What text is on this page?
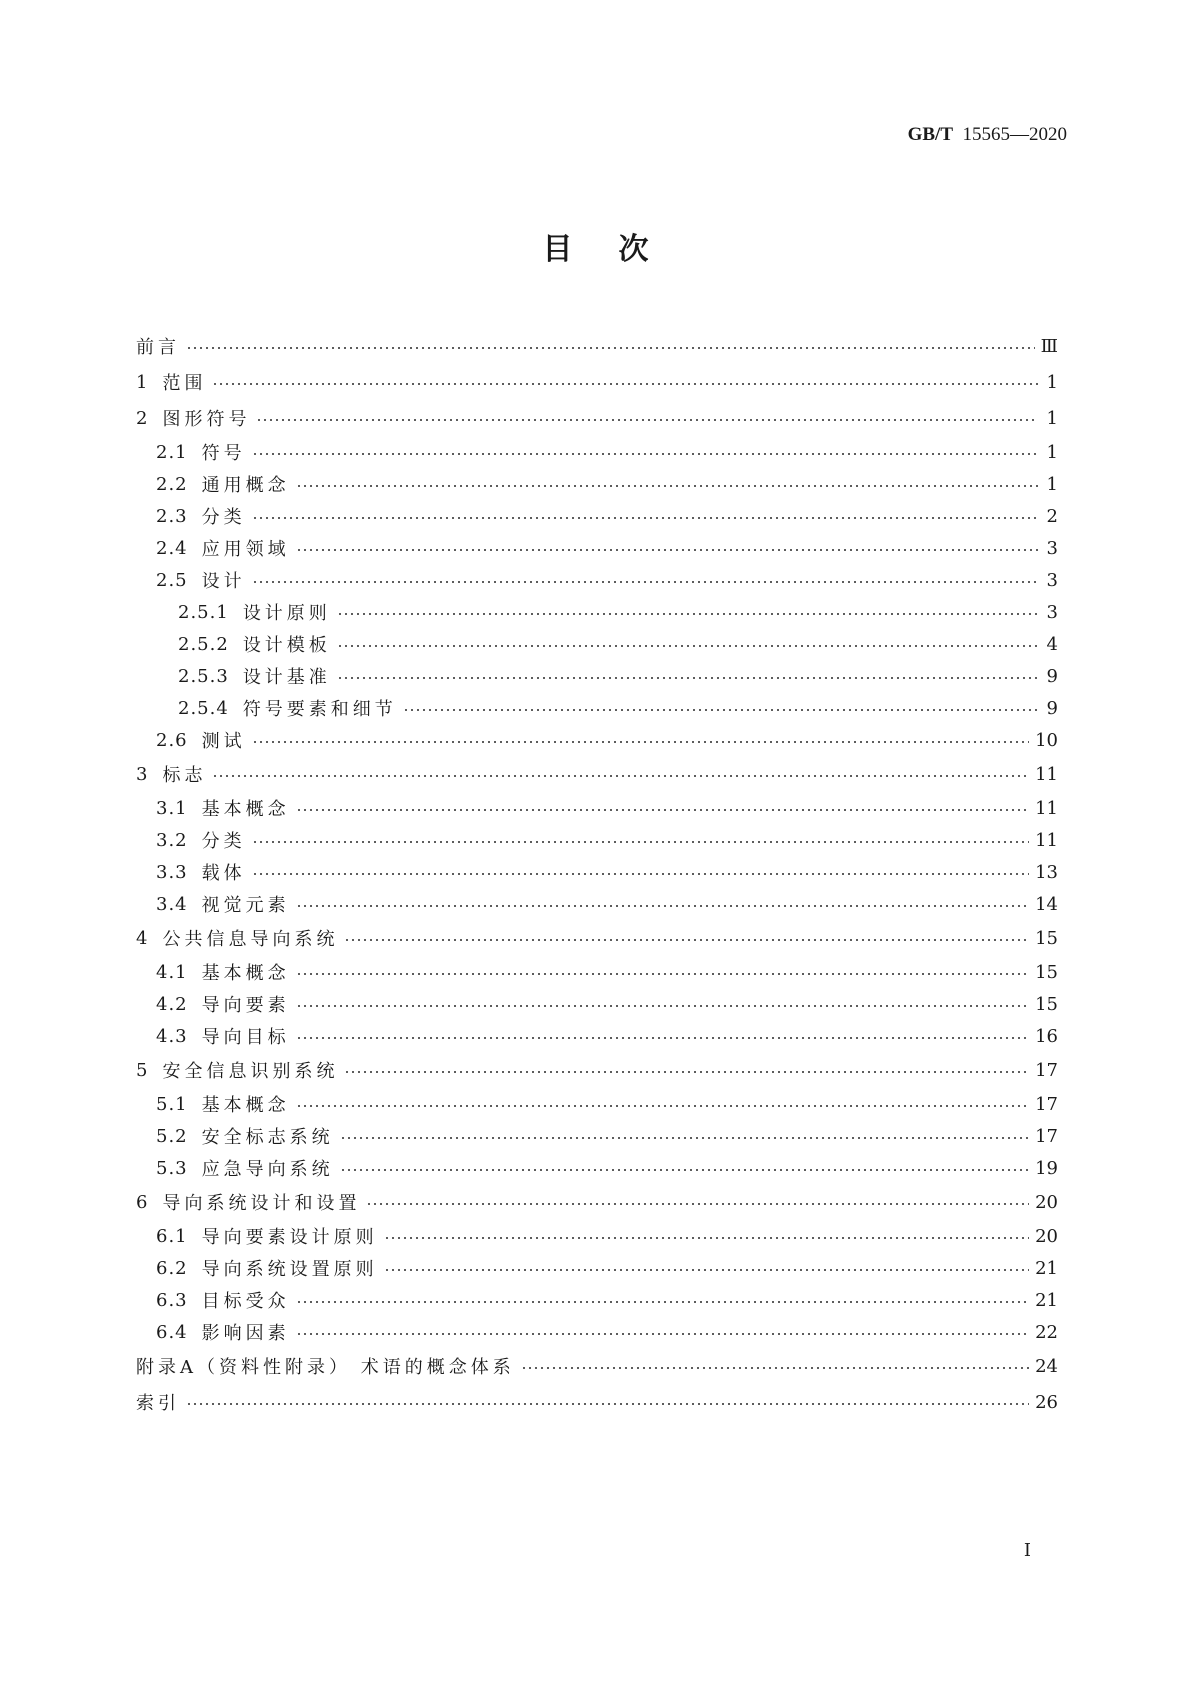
GB/T 15565—2020
目次
前言	Ⅲ
1 范围	1
2 图形符号	1
2.1 符号	1
2.2 通用概念	1
2.3 分类	2
2.4 应用领域	3
2.5 设计	3
2.5.1 设计原则	3
2.5.2 设计模板	4
2.5.3 设计基准	9
2.5.4 符号要素和细节	9
2.6 测试	10
3 标志	11
3.1 基本概念	11
3.2 分类	11
3.3 载体	13
3.4 视觉元素	14
4 公共信息导向系统	15
4.1 基本概念	15
4.2 导向要素	15
4.3 导向目标	16
5 安全信息识别系统	17
5.1 基本概念	17
5.2 安全标志系统	17
5.3 应急导向系统	19
6 导向系统设计和设置	20
6.1 导向要素设计原则	20
6.2 导向系统设置原则	21
6.3 目标受众	21
6.4 影响因素	22
附录A（资料性附录） 术语的概念体系	24
索引	26
I
